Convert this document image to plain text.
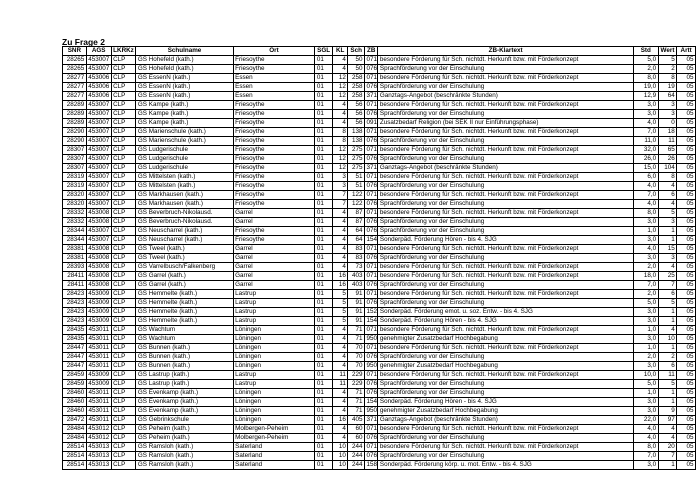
Zu Frage 2
SNR	AGS	LKRKz	Schulname	Ort	SGL	KL	Sch	ZB	ZB-Klartext	Std	Wert	Artt
28265	453007	CLP	GS Hohefeld (kath.)	Friesoythe	01	4	50	071	besondere Förderung für Sch. nichtdt. Herkunft bzw. mit Förderkonzept	5,0	5	05
28265	453007	CLP	GS Hohefeld (kath.)	Friesoythe	01	4	50	076	Sprachförderung vor der Einschulung	2,0	2	05
28277	453006	CLP	GS EssenN (kath.)	Essen	01	12	258	071	besondere Förderung für Sch. nichtdt. Herkunft bzw. mit Förderkonzept	8,0	8	05
28277	453006	CLP	GS EssenN (kath.)	Essen	01	12	258	076	Sprachförderung vor der Einschulung	19,0	19	05
28277	453006	CLP	GS EssenN (kath.)	Essen	01	12	258	371	Ganztags-Angebot (beschränkte Stunden)	12,9	64	05
28289	453007	CLP	GS Kampe (kath.)	Friesoythe	01	4	56	071	besondere Förderung für Sch. nichtdt. Herkunft bzw. mit Förderkonzept	3,0	3	05
28289	453007	CLP	GS Kampe (kath.)	Friesoythe	01	4	56	076	Sprachförderung vor der Einschulung	3,0	3	05
28289	453007	CLP	GS Kampe (kath.)	Friesoythe	01	4	56	091	Zusatzbedarf Religion (bei SEK II nur Einführungsphase)	4,0	0	05
28290	453007	CLP	GS Marienschule (kath.)	Friesoythe	01	8	138	071	besondere Förderung für Sch. nichtdt. Herkunft bzw. mit Förderkonzept	7,0	18	05
28290	453007	CLP	GS Marienschule (kath.)	Friesoythe	01	8	138	076	Sprachförderung vor der Einschulung	11,0	11	05
28307	453007	CLP	GS Ludgerischule	Friesoythe	01	12	275	071	besondere Förderung für Sch. nichtdt. Herkunft bzw. mit Förderkonzept	32,0	65	05
28307	453007	CLP	GS Ludgerischule	Friesoythe	01	12	275	076	Sprachförderung vor der Einschulung	26,0	26	05
28307	453007	CLP	GS Ludgerischule	Friesoythe	01	12	275	371	Ganztags-Angebot (beschränkte Stunden)	15,0	104	05
28319	453007	CLP	GS Mittelsten (kath.)	Friesoythe	01	3	51	071	besondere Förderung für Sch. nichtdt. Herkunft bzw. mit Förderkonzept	6,0	8	05
28319	453007	CLP	GS Mittelsten (kath.)	Friesoythe	01	3	51	076	Sprachförderung vor der Einschulung	4,0	4	05
28320	453007	CLP	GS Markhausen (kath.)	Friesoythe	01	7	122	071	besondere Förderung für Sch. nichtdt. Herkunft bzw. mit Förderkonzept	7,0	6	05
28320	453007	CLP	GS Markhausen (kath.)	Friesoythe	01	7	122	076	Sprachförderung vor der Einschulung	4,0	4	05
28332	453008	CLP	GS Beverbruch-Nikolausd.	Garrel	01	4	87	071	besondere Förderung für Sch. nichtdt. Herkunft bzw. mit Förderkonzept	8,0	5	05
28332	453008	CLP	GS Beverbruch-Nikolausd.	Garrel	01	4	87	076	Sprachförderung vor der Einschulung	3,0	3	05
28344	453007	CLP	GS Neuscharrel (kath.)	Friesoythe	01	4	64	076	Sprachförderung vor der Einschulung	1,0	1	05
28344	453007	CLP	GS Neuscharrel (kath.)	Friesoythe	01	4	64	154	Sonderpäd. Förderung Hören - bis 4. SJG	3,0	1	05
28381	453008	CLP	GS Tweel (kath.)	Garrel	01	4	83	071	besondere Förderung für Sch. nichtdt. Herkunft bzw. mit Förderkonzept	4,0	15	05
28381	453008	CLP	GS Tweel (kath.)	Garrel	01	4	83	076	Sprachförderung vor der Einschulung	3,0	3	05
28393	453008	CLP	GS Varrelbusch/Falkenberg	Garrel	01	4	73	071	besondere Förderung für Sch. nichtdt. Herkunft bzw. mit Förderkonzept	2,0	4	05
28411	453008	CLP	GS Garrel (kath.)	Garrel	01	16	403	071	besondere Förderung für Sch. nichtdt. Herkunft bzw. mit Förderkonzept	18,0	25	05
28411	453008	CLP	GS Garrel (kath.)	Garrel	01	16	403	076	Sprachförderung vor der Einschulung	7,0	7	05
28423	453009	CLP	GS Hemmelte (kath.)	Lastrup	01	5	91	071	besondere Förderung für Sch. nichtdt. Herkunft bzw. mit Förderkonzept	2,0	6	05
28423	453009	CLP	GS Hemmelte (kath.)	Lastrup	01	5	91	076	Sprachförderung vor der Einschulung	5,0	5	05
28423	453009	CLP	GS Hemmelte (kath.)	Lastrup	01	5	91	152	Sonderpäd. Förderung emot. u. soz. Entw. - bis 4. SJG	3,0	1	05
28423	453009	CLP	GS Hemmelte (kath.)	Lastrup	01	5	91	154	Sonderpäd. Förderung Hören - bis 4. SJG	3,0	1	05
28435	453011	CLP	GS Wachtum	Löningen	01	4	71	071	besondere Förderung für Sch. nichtdt. Herkunft bzw. mit Förderkonzept	1,0	4	05
28435	453011	CLP	GS Wachtum	Löningen	01	4	71	950	genehmigter Zusatzbedarf Hochbegabung	3,0	10	05
28447	453011	CLP	GS Bunnen (kath.)	Löningen	01	4	70	071	besondere Förderung für Sch. nichtdt. Herkunft bzw. mit Förderkonzept	1,0	1	05
28447	453011	CLP	GS Bunnen (kath.)	Löningen	01	4	70	076	Sprachförderung vor der Einschulung	2,0	2	05
28447	453011	CLP	GS Bunnen (kath.)	Löningen	01	4	70	950	genehmigter Zusatzbedarf Hochbegabung	3,0	6	05
28459	453009	CLP	GS Lastrup (kath.)	Lastrup	01	11	229	071	besondere Förderung für Sch. nichtdt. Herkunft bzw. mit Förderkonzept	10,0	11	05
28459	453009	CLP	GS Lastrup (kath.)	Lastrup	01	11	229	076	Sprachförderung vor der Einschulung	5,0	5	05
28460	453011	CLP	GS Evenkamp (kath.)	Löningen	01	4	71	076	Sprachförderung vor der Einschulung	1,0	1	05
28460	453011	CLP	GS Evenkamp (kath.)	Löningen	01	4	71	154	Sonderpäd. Förderung Hören - bis 4. SJG	3,0	1	05
28460	453011	CLP	GS Evenkamp (kath.)	Löningen	01	4	71	950	genehmigter Zusatzbedarf Hochbegabung	3,0	9	05
28472	453011	CLP	GS Gebrinkschule	Löningen	01	16	405	371	Ganztags-Angebot (beschränkte Stunden)	22,0	97	05
28484	453012	CLP	GS Peheim (kath.)	Molbergen-Peheim	01	4	60	071	besondere Förderung für Sch. nichtdt. Herkunft bzw. mit Förderkonzept	4,0	4	05
28484	453012	CLP	GS Peheim (kath.)	Molbergen-Peheim	01	4	60	076	Sprachförderung vor der Einschulung	4,0	4	05
28514	453013	CLP	GS Ramsloh (kath.)	Saterland	01	10	244	071	besondere Förderung für Sch. nichtdt. Herkunft bzw. mit Förderkonzept	8,0	20	05
28514	453013	CLP	GS Ramsloh (kath.)	Saterland	01	10	244	076	Sprachförderung vor der Einschulung	7,0	7	05
28514	453013	CLP	GS Ramsloh (kath.)	Saterland	01	10	244	158	Sonderpäd. Förderung körp. u. mot. Entw. - bis 4. SJG	3,0	1	05
